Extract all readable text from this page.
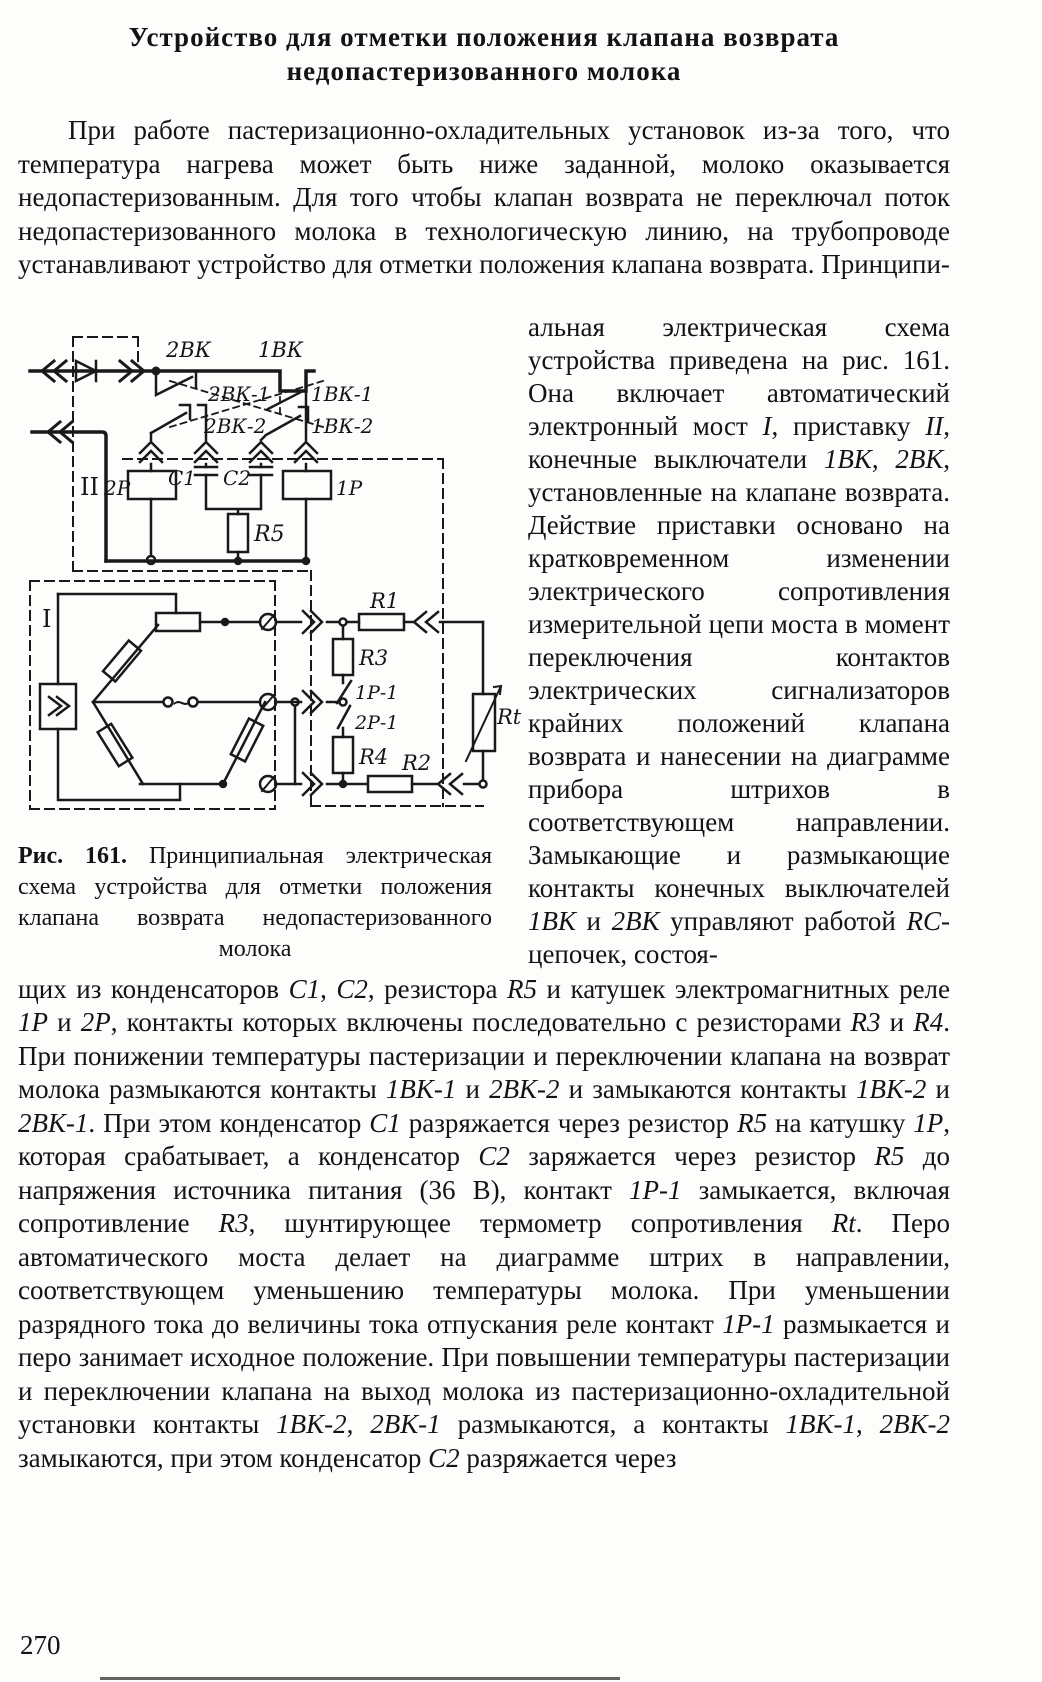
Устройство для отметки положения клапана возврата
недопастеризованного молока

При работе пастеризационно-охладительных установок из-за того, что температура нагрева может быть ниже заданной, молоко оказывается недопастеризованным. Для того чтобы клапан возврата не переключал поток недопастеризованного молока в технологическую линию, на трубопроводе устанавливают устройство для отметки положения клапана возврата. Принципи-

2ВК 1ВК
2ВК-1 1ВК-1
2ВК-2 1ВК-2
II 2Р С1 С2	1Р
R5
I
~
R1
R3
1Р-1
2Р-1
R4 R2
Rt
Рис. 161. Принципиальная электрическая схема устройства для отметки положения клапана возврата недопастеризованного молока
альная электрическая схема устройства приведена на рис. 161. Она включает автоматический электронный мост I, приставку II, конечные выключатели 1ВК, 2ВК, установленные на клапане возврата. Действие приставки основано на кратковременном изменении электрического сопротивления измерительной цепи моста в момент переключения контактов электрических сигнализаторов крайних положений клапана возврата и нанесении на диаграмме прибора штрихов в соответствующем направлении. Замыкающие и размыкающие контакты конечных выключателей 1ВК и 2ВК управляют работой RC-цепочек, состоя-

щих из конденсаторов С1, С2, резистора R5 и катушек электромагнитных реле 1Р и 2Р, контакты которых включены последовательно с резисторами R3 и R4. При понижении температуры пастеризации и переключении клапана на возврат молока размыкаются контакты 1ВК-1 и 2ВК-2 и замыкаются контакты 1ВК-2 и 2ВК-1. При этом конденсатор С1 разряжается через резистор R5 на катушку 1Р, которая срабатывает, а конденсатор С2 заряжается через резистор R5 до напряжения источника питания (36 В), контакт 1Р-1 замыкается, включая сопротивление R3, шунтирующее термометр сопротивления Rt. Перо автоматического моста делает на диаграмме штрих в направлении, соответствующем уменьшению температуры молока. При уменьшении разрядного тока до величины тока отпускания реле контакт 1Р-1 размыкается и перо занимает исходное положение. При повышении температуры пастеризации и переключении клапана на выход молока из пастеризационно-охладительной установки контакты 1ВК-2, 2ВК-1 размыкаются, а контакты 1ВК-1, 2ВК-2 замыкаются, при этом конденсатор С2 разряжается через

270
